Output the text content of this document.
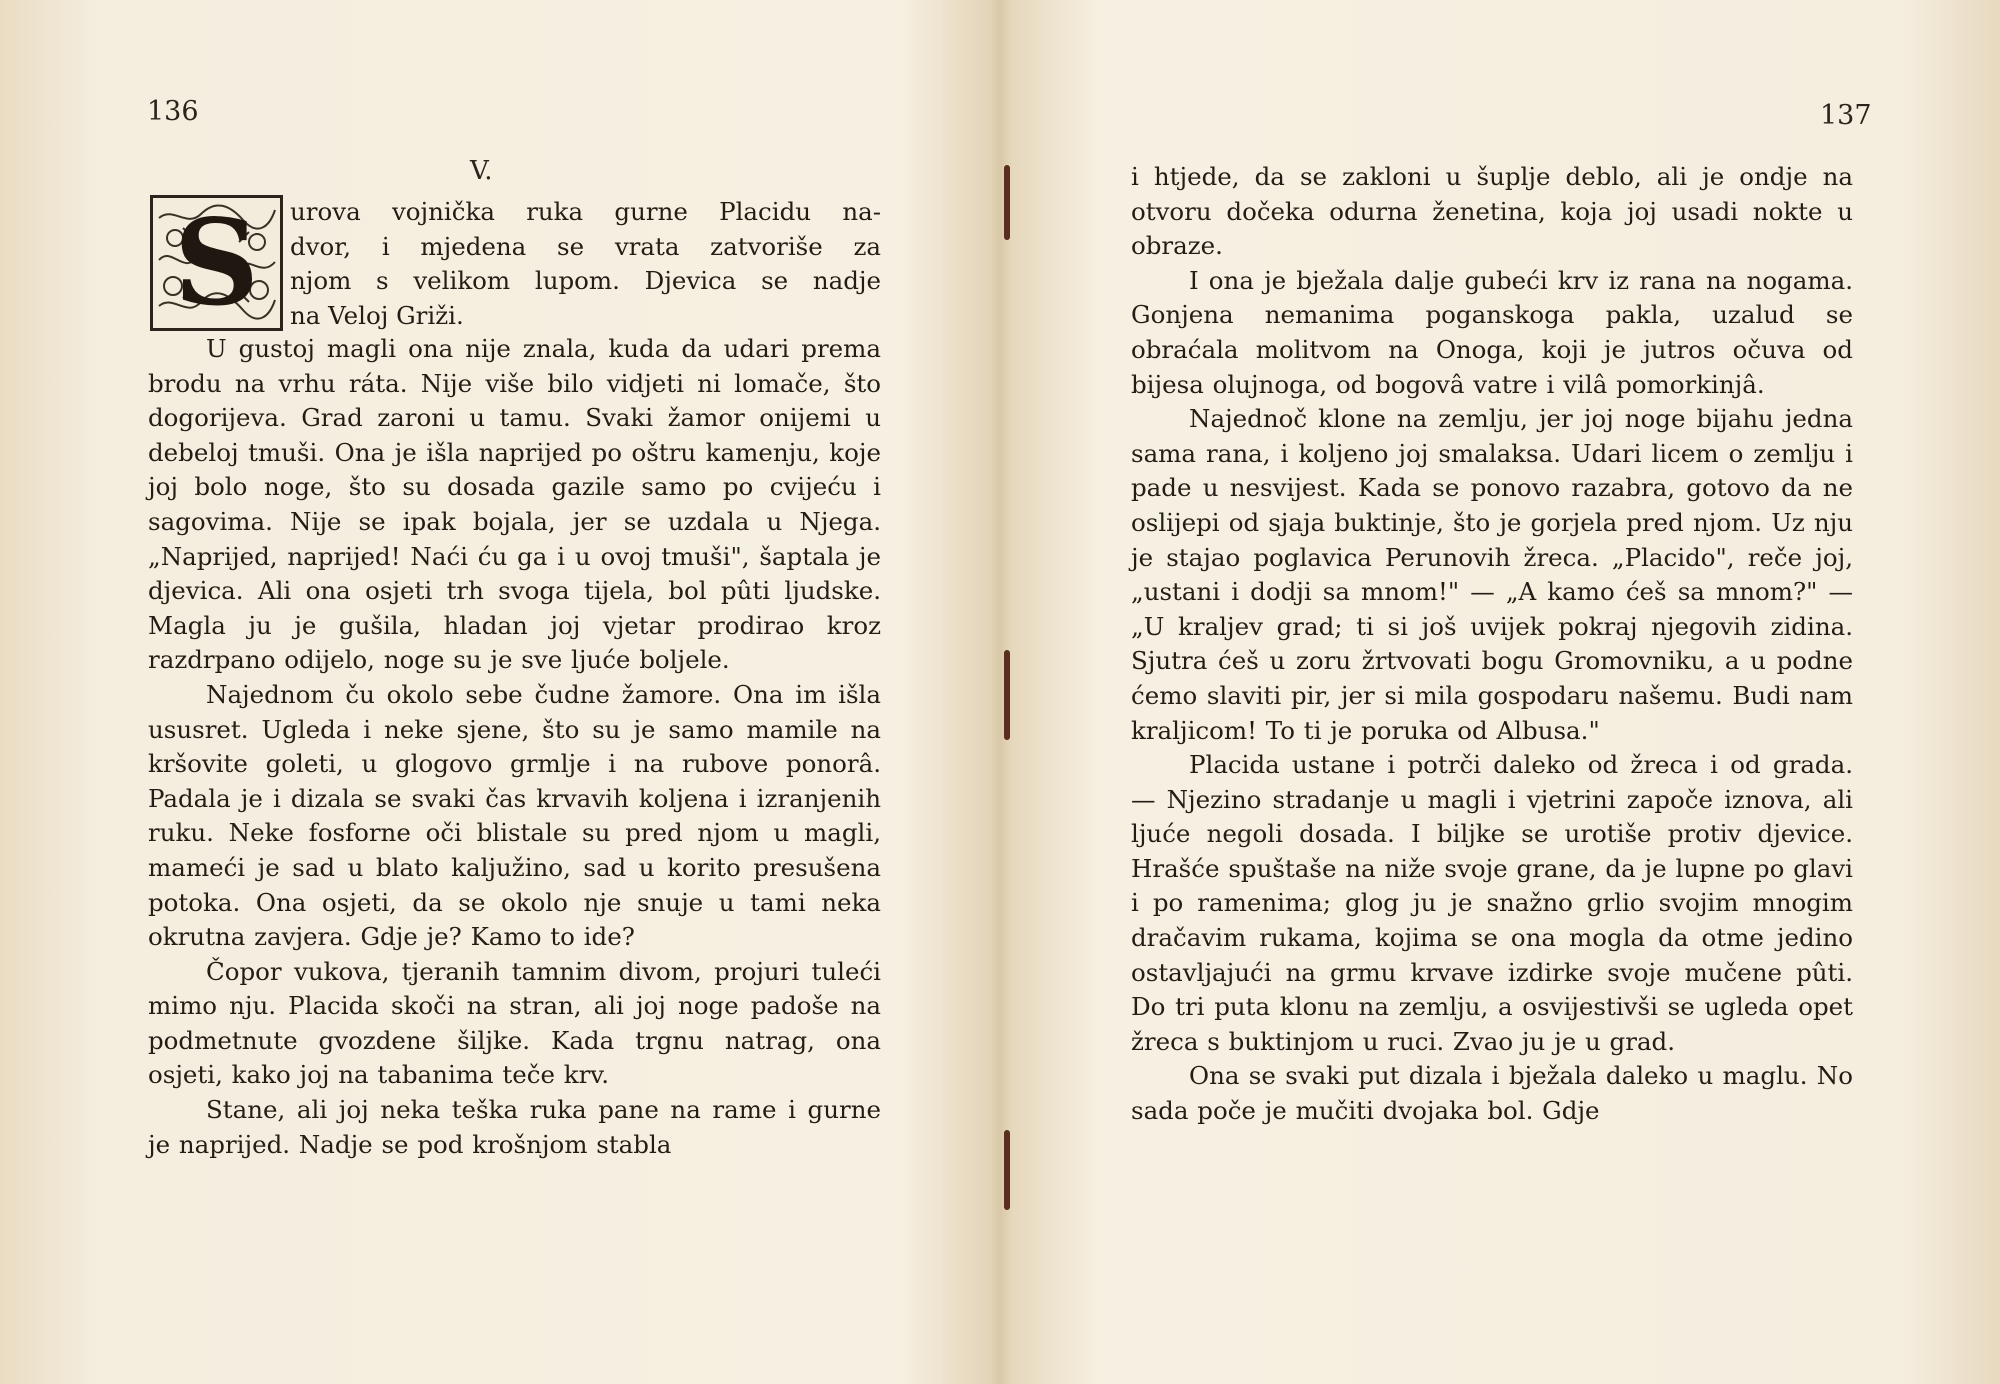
136
V.
S urova vojnička ruka gurne Placidu na-
dvor, i mjedena se vrata zatvoriše za
njom s velikom lupom. Djevica se nadje
na Veloj Griži.

U gustoj magli ona nije znala, kuda da udari prema brodu na vrhu ráta. Nije više bilo vidjeti ni lomače, što dogorijeva. Grad zaroni u tamu. Svaki žamor onijemi u debeloj tmuši. Ona je išla naprijed po oštru kamenju, koje joj bolo noge, što su dosada gazile samo po cvijeću i sagovima. Nije se ipak bojala, jer se uzdala u Njega. „Naprijed, naprijed! Naći ću ga i u ovoj tmuši", šaptala je djevica. Ali ona osjeti trh svoga tijela, bol pûti ljudske. Magla ju je gušila, hladan joj vjetar prodirao kroz razdrpano odijelo, noge su je sve ljuće boljele.

Najednom ču okolo sebe čudne žamore. Ona im išla ususret. Ugleda i neke sjene, što su je samo mamile na kršovite goleti, u glogovo grmlje i na rubove ponorâ. Padala je i dizala se svaki čas krvavih koljena i izranjenih ruku. Neke fosforne oči blistale su pred njom u magli, mameći je sad u blato kaljužino, sad u korito presušena potoka. Ona osjeti, da se okolo nje snuje u tami neka okrutna zavjera. Gdje je? Kamo to ide?

Čopor vukova, tjeranih tamnim divom, projuri tuleći mimo nju. Placida skoči na stran, ali joj noge padoše na podmetnute gvozdene šiljke. Kada trgnu natrag, ona osjeti, kako joj na tabanima teče krv.

Stane, ali joj neka teška ruka pane na rame i gurne je naprijed. Nadje se pod krošnjom stabla

137

i htjede, da se zakloni u šuplje deblo, ali je ondje na otvoru dočeka odurna ženetina, koja joj usadi nokte u obraze.

I ona je bježala dalje gubeći krv iz rana na nogama. Gonjena nemanima poganskoga pakla, uzalud se obraćala molitvom na Onoga, koji je jutros očuva od bijesa olujnoga, od bogovâ vatre i vilâ pomorkinjâ.

Najednoč klone na zemlju, jer joj noge bijahu jedna sama rana, i koljeno joj smalaksa. Udari licem o zemlju i pade u nesvijest. Kada se ponovo razabra, gotovo da ne oslijepi od sjaja buktinje, što je gorjela pred njom. Uz nju je stajao poglavica Perunovih žreca. „Placido", reče joj, „ustani i dodji sa mnom!" — „A kamo ćeš sa mnom?" — „U kraljev grad; ti si još uvijek pokraj njegovih zidina. Sjutra ćeš u zoru žrtvovati bogu Gromovniku, a u podne ćemo slaviti pir, jer si mila gospodaru našemu. Budi nam kraljicom! To ti je poruka od Albusa."

Placida ustane i potrči daleko od žreca i od grada. — Njezino stradanje u magli i vjetrini započe iznova, ali ljuće negoli dosada. I biljke se urotiše protiv djevice. Hrašće spuštaše na niže svoje grane, da je lupne po glavi i po ramenima; glog ju je snažno grlio svojim mnogim dračavim rukama, kojima se ona mogla da otme jedino ostavljajući na grmu krvave izdirke svoje mučene pûti. Do tri puta klonu na zemlju, a osvijestivši se ugleda opet žreca s buktinjom u ruci. Zvao ju je u grad.

Ona se svaki put dizala i bježala daleko u maglu. No sada poče je mučiti dvojaka bol. Gdje
